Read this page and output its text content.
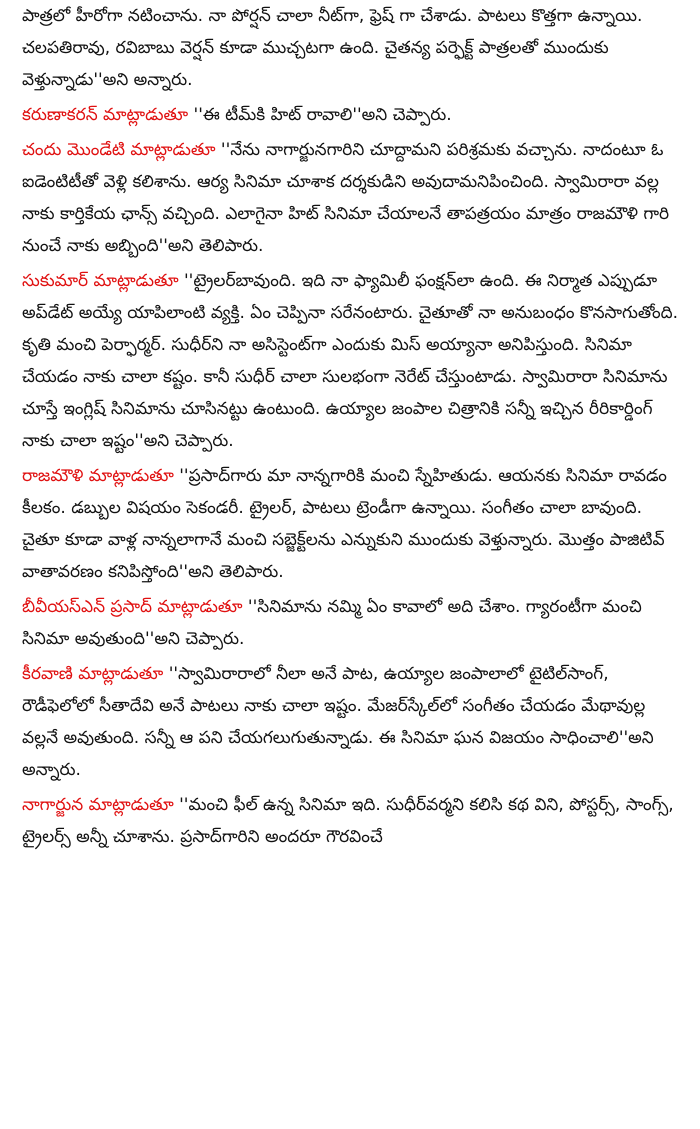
పాత్రలో హీరోగా నటించాను. నా పోర్షన్ చాలా నీట్‌గా, ఫ్రెష్ గా చేశాడు. పాటలు కొత్తగా ఉన్నాయి. చలపతిరావు, రవిబాబు వెర్షన్ కూడా ముచ్చటగా ఉంది. చైతన్య పర్ఫెక్ట్ పాత్రలతో ముందుకు వెళ్తున్నాడు''అని అన్నారు.

కరుణాకరన్ మాట్లాడుతూ ''ఈ టీమ్‌కి హిట్ రావాలి''అని చెప్పారు.

చందు మొండేటి మాట్లాడుతూ ''నేను నాగార్జునగారిని చూద్దామని పరిశ్రమకు వచ్చాను. నాదంటూ ఓ ఐడెంటిటీతో వెళ్లి కలిశాను. ఆర్య సినిమా చూశాక దర్శకుడిని అవుదామనిపించింది. స్వామిరారా వల్ల నాకు కార్తికేయ ఛాన్స్ వచ్చింది. ఎలాగైనా హిట్ సినిమా చేయాలనే తాపత్రయం మాత్రం రాజమౌళి గారి నుంచే నాకు అబ్బింది''అని తెలిపారు.

సుకుమార్ మాట్లాడుతూ ''ట్రైలర్‌బావుంది. ఇది నా ఫ్యామిలీ ఫంక్షన్‌లా ఉంది. ఈ నిర్మాత ఎప్పుడూ అప్‌డేట్ అయ్యే యాపిలాంటి వ్యక్తి. ఏం చెప్పినా సరేనంటారు. చైతూతో నా అనుబంధం కొనసాగుతోంది. కృతి మంచి పెర్ఫార్మర్. సుధీర్‌ని నా అసిస్టెంట్‌గా ఎందుకు మిస్ అయ్యానా అనిపిస్తుంది. సినిమా చేయడం నాకు చాలా కష్టం. కానీ సుధీర్ చాలా సులభంగా నెరేట్ చేస్తుంటాడు. స్వామిరారా సినిమాను చూస్తే ఇంగ్లిష్ సినిమాను చూసినట్టు ఉంటుంది. ఉయ్యాల జంపాల చిత్రానికి సన్నీ ఇచ్చిన రీరికార్డింగ్ నాకు చాలా ఇష్టం''అని చెప్పారు.

రాజమౌళి మాట్లాడుతూ ''ప్రసాద్‌గారు మా నాన్నగారికి మంచి స్నేహితుడు. ఆయనకు సినిమా రావడం కీలకం. డబ్బుల విషయం సెకండరీ. ట్రైలర్, పాటలు ట్రెండీగా ఉన్నాయి. సంగీతం చాలా బావుంది. చైతూ కూడా వాళ్ల నాన్నలాగానే మంచి సబ్జెక్ట్‌లను ఎన్నుకుని ముందుకు వెళ్తున్నారు. మొత్తం పాజిటివ్ వాతావరణం కనిపిస్తోంది''అని తెలిపారు.

బీవీయస్ఎన్ ప్రసాద్ మాట్లాడుతూ ''సినిమాను నమ్మి ఏం కావాలో అది చేశాం. గ్యారంటీగా మంచి సినిమా అవుతుంది''అని చెప్పారు.

కీరవాణి మాట్లాడుతూ ''స్వామిరారాలో నీలా అనే పాట, ఉయ్యాల జంపాలాలో టైటిల్‌సాంగ్, రౌడీఫెలోలో సీతాదేవి అనే పాటలు నాకు చాలా ఇష్టం. మేజర్‌స్కేల్‌లో సంగీతం చేయడం మేథావుల్ల వల్లనే అవుతుంది. సన్నీ ఆ పని చేయగలుగుతున్నాడు. ఈ సినిమా ఘన విజయం సాధించాలి''అని అన్నారు.

నాగార్జున మాట్లాడుతూ ''మంచి ఫీల్ ఉన్న సినిమా ఇది. సుధీర్‌వర్మని కలిసి కథ విని, పోస్టర్స్, సాంగ్స్, ట్రైలర్స్ అన్నీ చూశాను. ప్రసాద్‌గారిని అందరూ గౌరవించే
